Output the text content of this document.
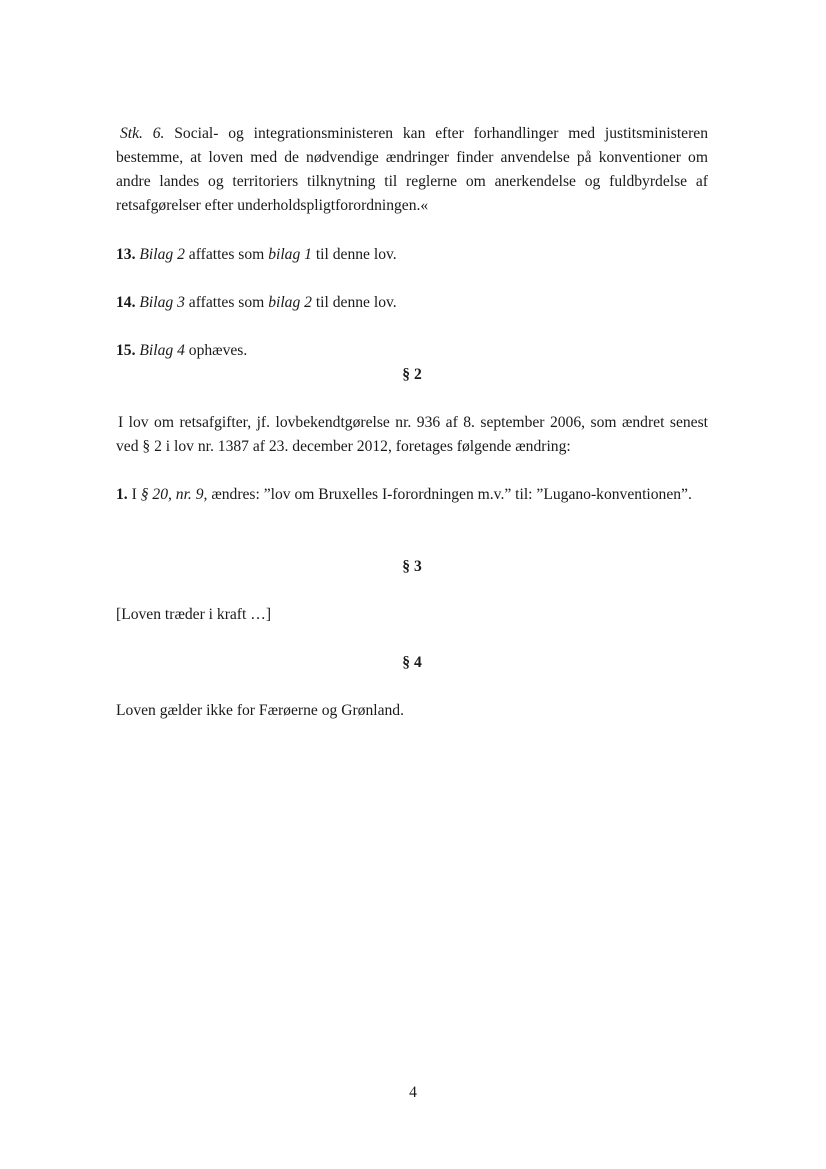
Stk. 6. Social- og integrationsministeren kan efter forhandlinger med justitsministeren bestemme, at loven med de nødvendige ændringer finder anvendelse på konventioner om andre landes og territoriers tilknytning til reglerne om anerkendelse og fuldbyrdelse af retsafgørelser efter underholdspligtforordningen.«

13. Bilag 2 affattes som bilag 1 til denne lov.

14. Bilag 3 affattes som bilag 2 til denne lov.

15. Bilag 4 ophæves.

§ 2

I lov om retsafgifter, jf. lovbekendtgørelse nr. 936 af 8. september 2006, som ændret senest ved § 2 i lov nr. 1387 af 23. december 2012, foretages følgende ændring:

1. I § 20, nr. 9, ændres: ”lov om Bruxelles I-forordningen m.v.” til: ”Lugano-konventionen”.

§ 3

[Loven træder i kraft …]

§ 4

Loven gælder ikke for Færøerne og Grønland.

4
